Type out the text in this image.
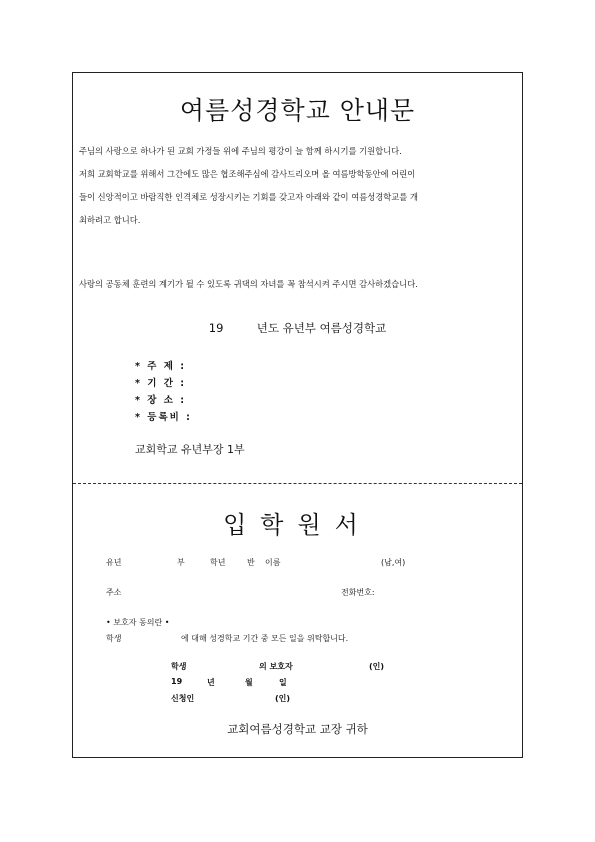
여름성경학교 안내문
주님의 사랑으로 하나가 된 교회 가정들 위에 주님의 평강이 늘 함께 하시기를 기원합니다.
저희 교회학교를 위해서 그간에도 많은 협조해주심에 감사드리오며 올 여름방학동안에 어린이
들이 신앙적이고 바람직한 인격체로 성장시키는 기회를 갖고자 아래와 같이 여름성경학교를 개
최하려고 합니다.
사랑의 공동체 훈련의 계기가 될 수 있도록 귀댁의 자녀를 꼭 참석시켜 주시면 감사하겠습니다.
19	년도 유년부 여름성경학교
* 주 제 :
* 기 간 :
* 장 소 :
* 등록비 :
교회학교 유년부장 1부
입학원서
유년	부	학년	반 이름	(남,여)
주소	전화번호:
• 보호자 동의란 •
학생	에 대해 성경학교 기간 중 모든 일을 위탁합니다.
학생	의 보호자	(인)
19	년	월	일
신청인	(인)
교회여름성경학교 교장 귀하
